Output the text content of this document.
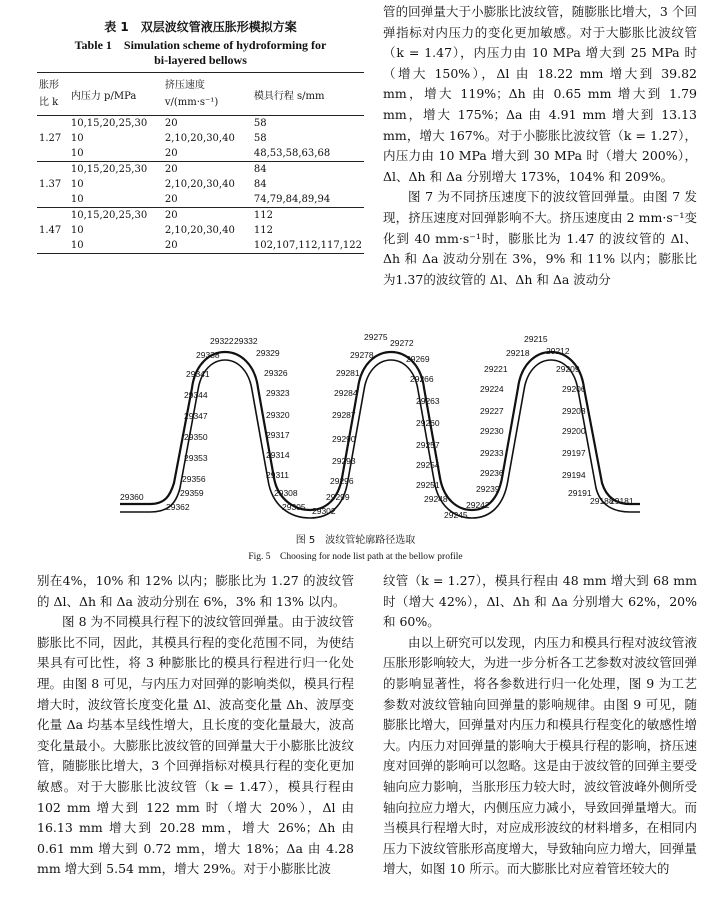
表 1　双层波纹管液压胀形模拟方案
Table 1　Simulation scheme of hydroforming for
bi-layered bellows
胀形比 k	内压力 p/MPa	挤压速度 v/(mm·s⁻¹)	模具行程 s/mm
1.27	10,15,20,25,30	20	58
	10	2,10,20,30,40	58
	10	20	48,53,58,63,68
1.37	10,15,20,25,30	20	84
	10	2,10,20,30,40	84
	10	20	74,79,84,89,94
1.47	10,15,20,25,30	20	112
	10	2,10,20,30,40	112
	10	20	102,107,112,117,122

管的回弹量大于小膨胀比波纹管，随膨胀比增大，3 个回弹指标对内压力的变化更加敏感。对于大膨胀比波纹管（k = 1.47），内压力由 10 MPa 增大到 25 MPa 时（增大 150%），Δl 由 18.22 mm 增大到 39.82 mm，增大 119%；Δh 由 0.65 mm 增大到 1.79 mm，增大 175%；Δa 由 4.91 mm 增大到 13.13 mm，增大 167%。对于小膨胀比波纹管（k = 1.27），内压力由 10 MPa 增大到 30 MPa 时（增大 200%），Δl、Δh 和 Δa 分别增大 173%，104% 和 209%。

图 7 为不同挤压速度下的波纹管回弹量。由图 7 发现，挤压速度对回弹影响不大。挤压速度由 2 mm·s⁻¹变化到 40 mm·s⁻¹时，膨胀比为 1.47 的波纹管的 Δl、Δh 和 Δa 波动分别在 3%，9% 和 11% 以内；膨胀比为1.37的波纹管的 Δl、Δh 和 Δa 波动分

29360
29362
29359
29356
29353
29350
29347
29344
29341
29338
29322 29332
29329
29326
29323
29320
29317
29314
29311
29308
29305 29302
29299
29296
29293
29290
29287
29284
29281
29278
29275
29272
29269
29266
29263
29260
29257
29254
29251
29248
29245
29242
29239
29236
29233
29230
29227
29224
29221
29218
29215
29212
29209
29206
29203
29200
29197
29194
29191
29188
29181
图 5　波纹管轮廓路径选取
Fig. 5　Choosing for node list path at the bellow profile

别在4%，10% 和 12% 以内；膨胀比为 1.27 的波纹管的 Δl、Δh 和 Δa 波动分别在 6%，3% 和 13% 以内。

图 8 为不同模具行程下的波纹管回弹量。由于波纹管膨胀比不同，因此，其模具行程的变化范围不同，为使结果具有可比性，将 3 种膨胀比的模具行程进行归一化处理。由图 8 可见，与内压力对回弹的影响类似，模具行程增大时，波纹管长度变化量 Δl、波高变化量 Δh、波厚变化量 Δa 均基本呈线性增大，且长度的变化量最大，波高变化量最小。大膨胀比波纹管的回弹量大于小膨胀比波纹管，随膨胀比增大，3 个回弹指标对模具行程的变化更加敏感。对于大膨胀比波纹管（k = 1.47），模具行程由 102 mm 增大到 122 mm 时（增大 20%），Δl 由 16.13 mm 增大到 20.28 mm，增大 26%；Δh 由 0.61 mm 增大到 0.72 mm，增大 18%；Δa 由 4.28 mm 增大到 5.54 mm，增大 29%。对于小膨胀比波

纹管（k = 1.27），模具行程由 48 mm 增大到 68 mm 时（增大 42%），Δl、Δh 和 Δa 分别增大 62%，20% 和 60%。

由以上研究可以发现，内压力和模具行程对波纹管液压胀形影响较大，为进一步分析各工艺参数对波纹管回弹的影响显著性，将各参数进行归一化处理，图 9 为工艺参数对波纹管轴向回弹量的影响规律。由图 9 可见，随膨胀比增大，回弹量对内压力和模具行程变化的敏感性增大。内压力对回弹量的影响大于模具行程的影响，挤压速度对回弹的影响可以忽略。这是由于波纹管的回弹主要受轴向应力影响，当胀形压力较大时，波纹管波峰外侧所受轴向拉应力增大，内侧压应力减小，导致回弹量增大。而当模具行程增大时，对应成形波纹的材料增多，在相同内压力下波纹管胀形高度增大，导致轴向应力增大，回弹量增大，如图 10 所示。而大膨胀比对应着管坯较大的
